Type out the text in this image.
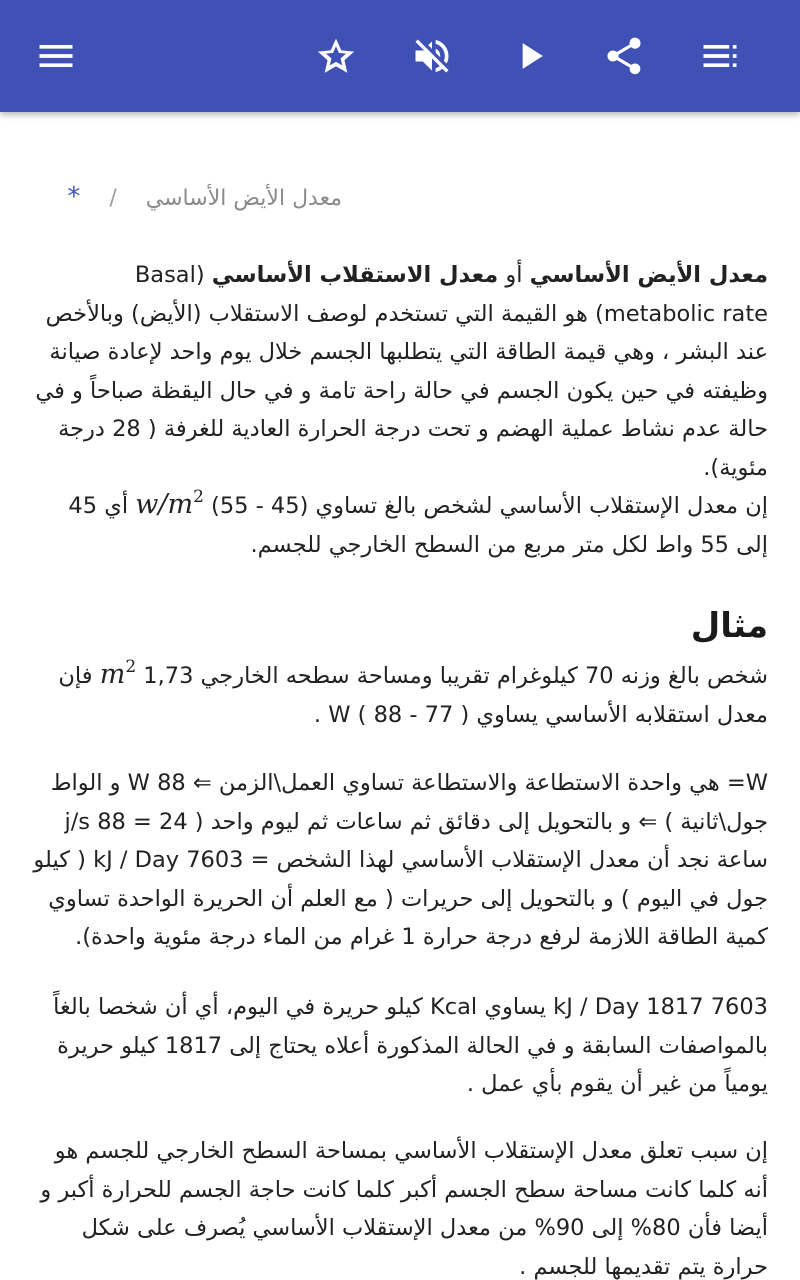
معدل الأيض الأساسي / *

معدل الأيض الأساسي أو معدل الاستقلاب الأساسي (Basal metabolic rate) هو القيمة التي تستخدم لوصف الاستقلاب (الأيض) وبالأخص عند البشر ، وهي قيمة الطاقة التي يتطلبها الجسم خلال يوم واحد لإعادة صيانة وظيفته في حين يكون الجسم في حالة راحة تامة و في حال اليقظة صباحاً و في حالة عدم نشاط عملية الهضم و تحت درجة الحرارة العادية للغرفة ( 28 درجة مئوية).

إن معدل الإستقلاب الأساسي لشخص بالغ تساوي (45 - 55) $w/m^2$ أي 45 إلى 55 واط لكل متر مربع من السطح الخارجي للجسم.

مثال

شخص بالغ وزنه 70 كيلوغرام تقريبا ومساحة سطحه الخارجي 1,73 $m^2$ فإن معدل استقلابه الأساسي يساوي ( 77 - 88 ) W .

W= هي واحدة الاستطاعة والاستطاعة تساوي العمل\الزمن ⇐ 88 W و الواط جول\ثانية ) ⇐ و بالتحويل إلى دقائق ثم ساعات ثم ليوم واحد ( 24 = 88 j/s ساعة نجد أن معدل الإستقلاب الأساسي لهذا الشخص = 7603 kJ / Day ( كيلو جول في اليوم ) و بالتحويل إلى حريرات ( مع العلم أن الحريرة الواحدة تساوي كمية الطاقة اللازمة لرفع درجة حرارة 1 غرام من الماء درجة مئوية واحدة).

7603 kJ / Day 1817 يساوي Kcal كيلو حريرة في اليوم، أي أن شخصا بالغاً بالمواصفات السابقة و في الحالة المذكورة أعلاه يحتاج إلى 1817 كيلو حريرة يومياً من غير أن يقوم بأي عمل .

إن سبب تعلق معدل الإستقلاب الأساسي بمساحة السطح الخارجي للجسم هو أنه كلما كانت مساحة سطح الجسم أكبر كلما كانت حاجة الجسم للحرارة أكبر و أيضا فأن 80% إلى 90% من معدل الإستقلاب الأساسي يُصرف على شكل حرارة يتم تقديمها للجسم .
